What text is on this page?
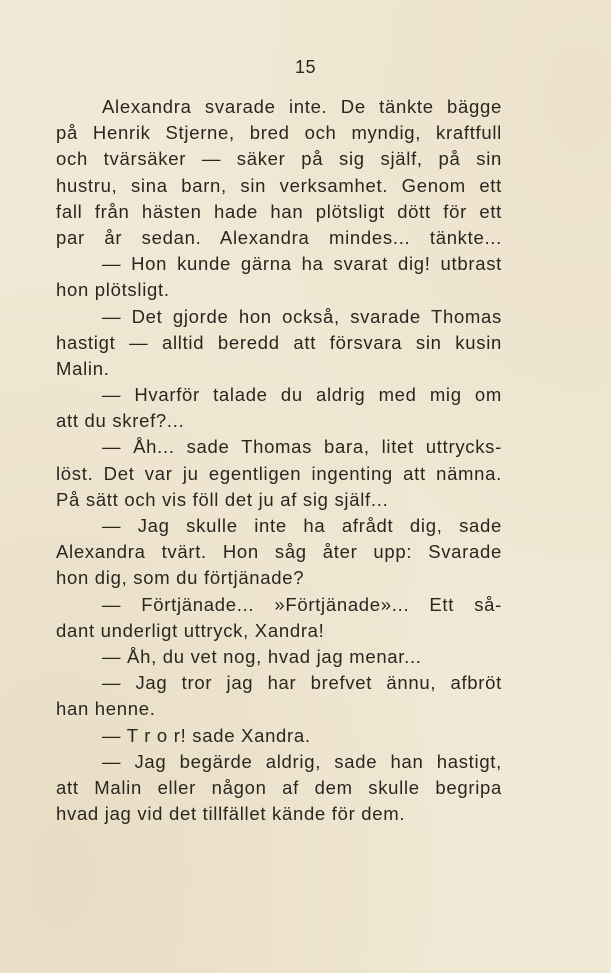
15
Alexandra svarade inte. De tänkte bägge
på Henrik Stjerne, bred och myndig, kraftfull
och tvärsäker — säker på sig själf, på sin
hustru, sina barn, sin verksamhet. Genom ett
fall från hästen hade han plötsligt dött för ett
par år sedan. Alexandra mindes... tänkte...
— Hon kunde gärna ha svarat dig! utbrast
hon plötsligt.
— Det gjorde hon också, svarade Thomas
hastigt — alltid beredd att försvara sin kusin
Malin.
— Hvarför talade du aldrig med mig om
att du skref?...
— Åh... sade Thomas bara, litet uttrycks-
löst. Det var ju egentligen ingenting att nämna.
På sätt och vis föll det ju af sig själf...
— Jag skulle inte ha afrådt dig, sade
Alexandra tvärt. Hon såg åter upp: Svarade
hon dig, som du förtjänade?
— Förtjänade... »Förtjänade»... Ett så-
dant underligt uttryck, Xandra!
— Åh, du vet nog, hvad jag menar...
— Jag tror jag har brefvet ännu, afbröt
han henne.
— T r o r! sade Xandra.
— Jag begärde aldrig, sade han hastigt,
att Malin eller någon af dem skulle begripa
hvad jag vid det tillfället kände för dem.
